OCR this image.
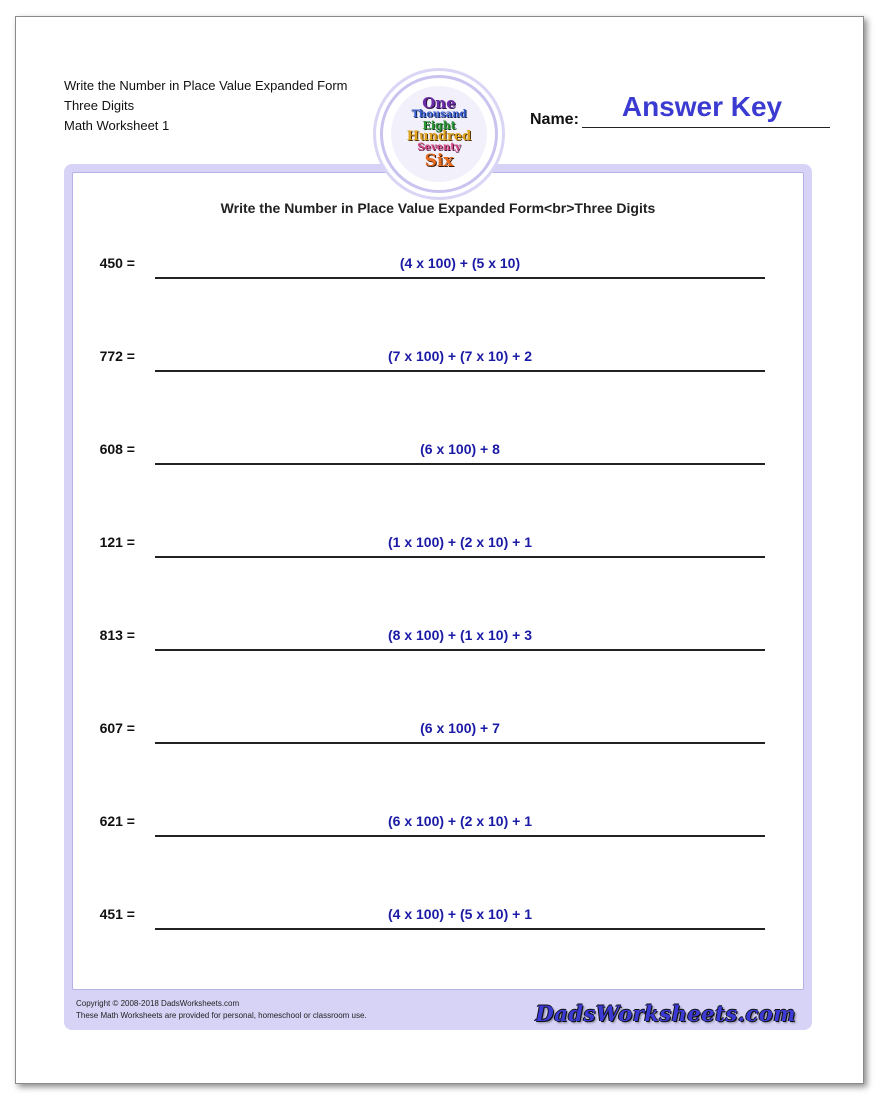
Write the Number in Place Value Expanded Form
Three Digits
Math Worksheet 1
One
Thousand
Eight
Hundred
Seventy
Six
Name:	Answer Key
Write the Number in Place Value Expanded Form<br>Three Digits
450 =	(4 x 100) + (5 x 10)
772 =	(7 x 100) + (7 x 10) + 2
608 =	(6 x 100) + 8
121 =	(1 x 100) + (2 x 10) + 1
813 =	(8 x 100) + (1 x 10) + 3
607 =	(6 x 100) + 7
621 =	(6 x 100) + (2 x 10) + 1
451 =	(4 x 100) + (5 x 10) + 1
Copyright © 2008-2018 DadsWorksheets.com
These Math Worksheets are provided for personal, homeschool or classroom use.	DadsWorksheets.com
